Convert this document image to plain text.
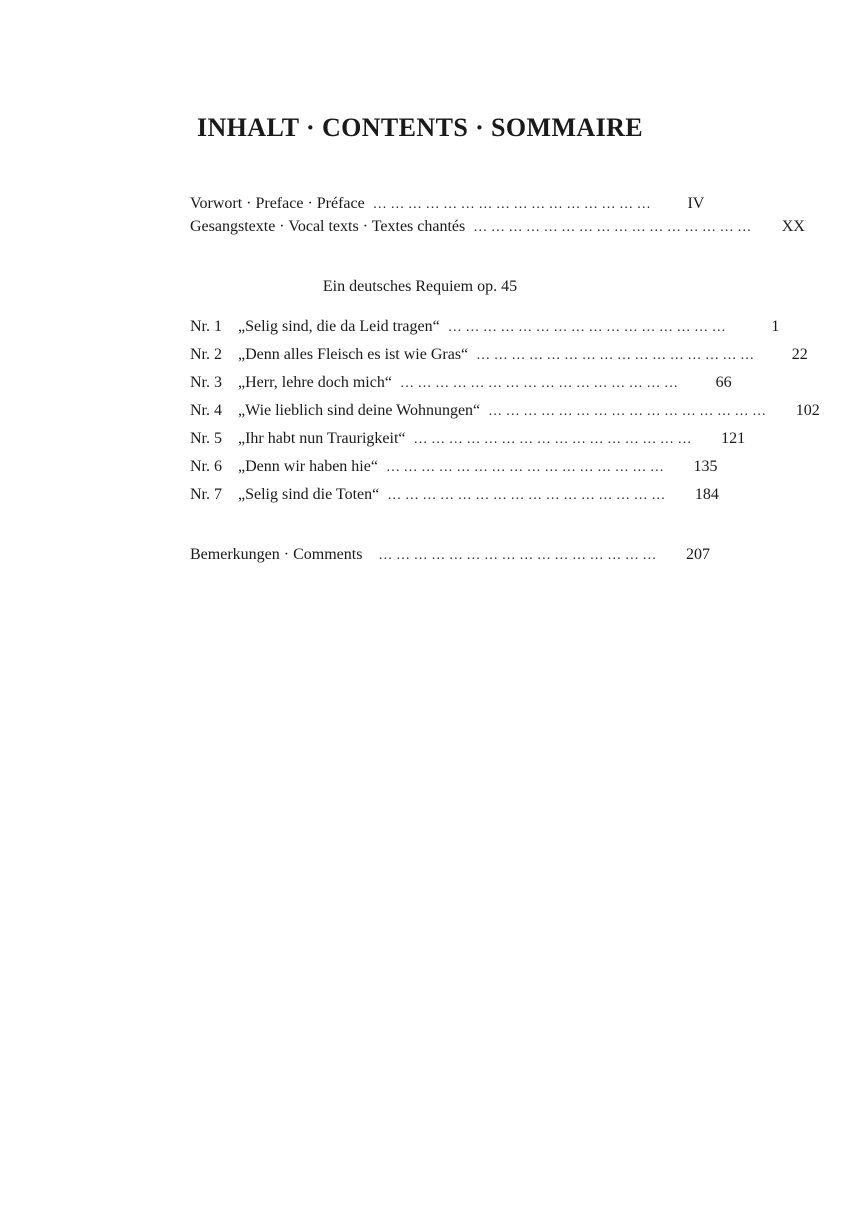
INHALT · CONTENTS · SOMMAIRE
Vorwort · Preface · Préface …………………………………………	IV
Gesangstexte · Vocal texts · Textes chantés …………………………………………	XX
Ein deutsches Requiem op. 45
Nr. 1	„Selig sind, die da Leid tragen“ …………………………………………	1
Nr. 2	„Denn alles Fleisch es ist wie Gras“ …………………………………………	22
Nr. 3	„Herr, lehre doch mich“ …………………………………………	66
Nr. 4	„Wie lieblich sind deine Wohnungen“ …………………………………………	102
Nr. 5	„Ihr habt nun Traurigkeit“ …………………………………………	121
Nr. 6	„Denn wir haben hie“ …………………………………………	135
Nr. 7	„Selig sind die Toten“ …………………………………………	184
Bemerkungen · Comments …………………………………………	207
